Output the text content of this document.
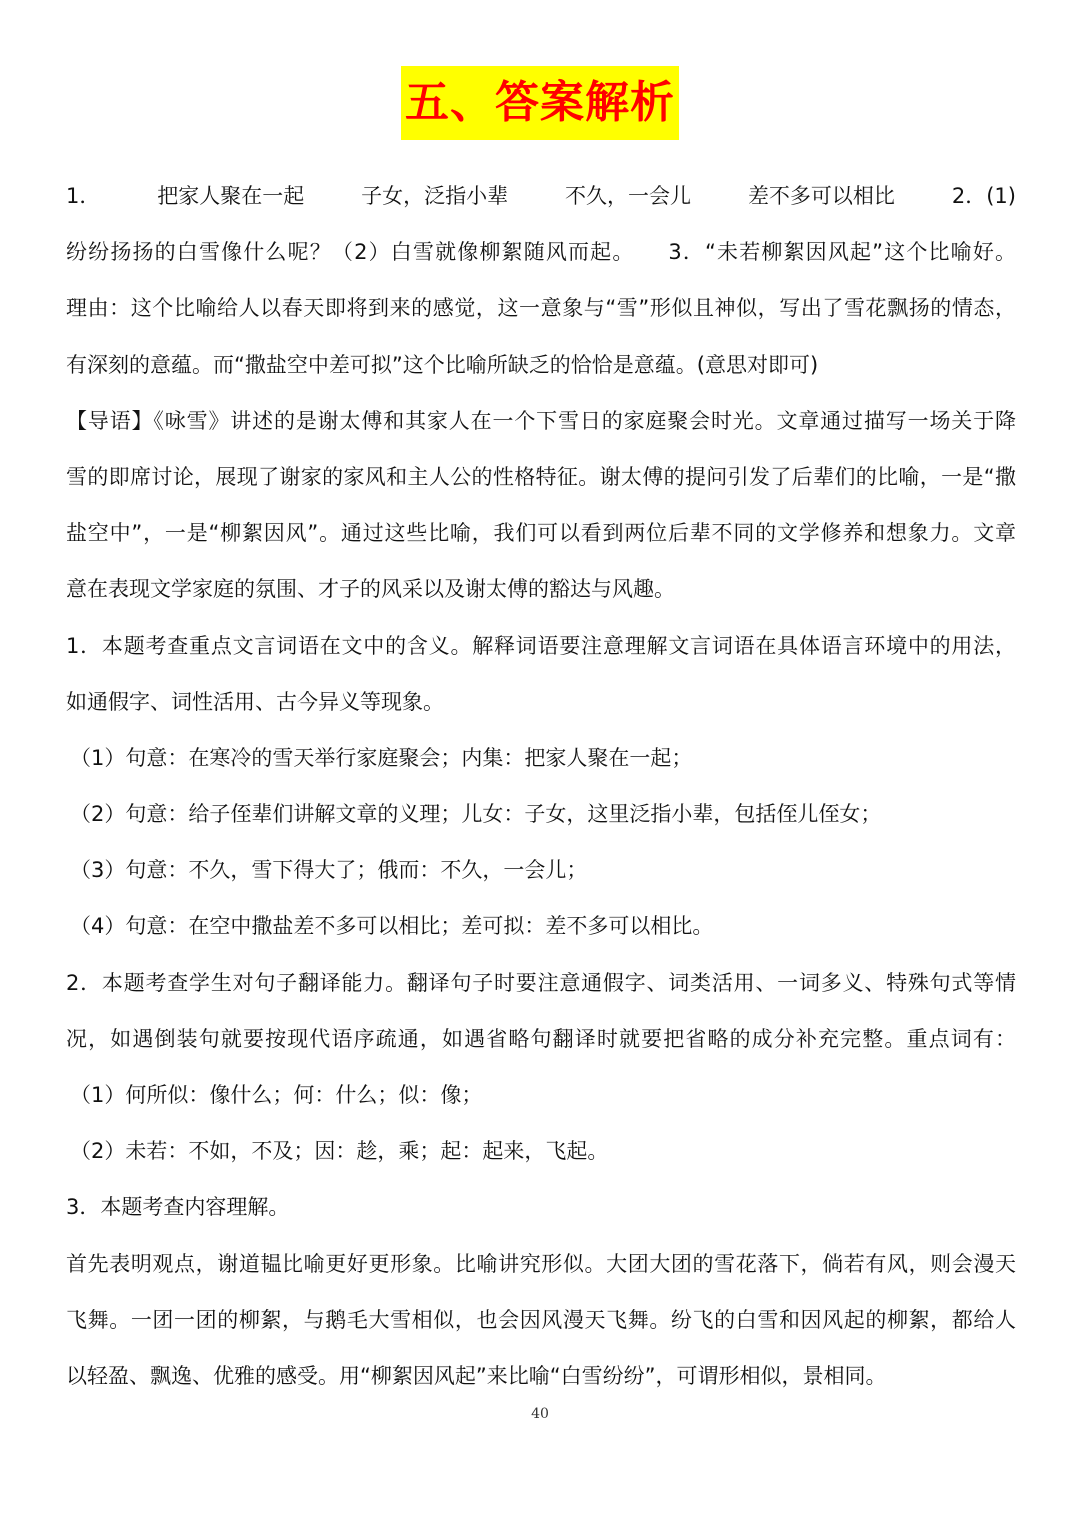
五、答案解析
1．	把家人聚在一起	子女，泛指小辈	不久，一会儿	差不多可以相比	2．(1)
纷纷扬扬的白雪像什么呢？（2）白雪就像柳絮随风而起。　　3．“未若柳絮因风起”这个比喻好。
理由：这个比喻给人以春天即将到来的感觉，这一意象与“雪”形似且神似，写出了雪花飘扬的情态，
有深刻的意蕴。而“撒盐空中差可拟”这个比喻所缺乏的恰恰是意蕴。(意思对即可)
【导语】《咏雪》讲述的是谢太傅和其家人在一个下雪日的家庭聚会时光。文章通过描写一场关于降
雪的即席讨论，展现了谢家的家风和主人公的性格特征。谢太傅的提问引发了后辈们的比喻，一是“撒
盐空中”，一是“柳絮因风”。通过这些比喻，我们可以看到两位后辈不同的文学修养和想象力。文章
意在表现文学家庭的氛围、才子的风采以及谢太傅的豁达与风趣。
1．本题考查重点文言词语在文中的含义。解释词语要注意理解文言词语在具体语言环境中的用法，
如通假字、词性活用、古今异义等现象。
（1）句意：在寒冷的雪天举行家庭聚会；内集：把家人聚在一起；
（2）句意：给子侄辈们讲解文章的义理；儿女：子女，这里泛指小辈，包括侄儿侄女；
（3）句意：不久，雪下得大了；俄而：不久，一会儿；
（4）句意：在空中撒盐差不多可以相比；差可拟：差不多可以相比。
2．本题考查学生对句子翻译能力。翻译句子时要注意通假字、词类活用、一词多义、特殊句式等情
况，如遇倒装句就要按现代语序疏通，如遇省略句翻译时就要把省略的成分补充完整。重点词有：
（1）何所似：像什么；何：什么；似：像；
（2）未若：不如，不及；因：趁，乘；起：起来，飞起。
3．本题考查内容理解。
首先表明观点，谢道韫比喻更好更形象。比喻讲究形似。大团大团的雪花落下，倘若有风，则会漫天
飞舞。一团一团的柳絮，与鹅毛大雪相似，也会因风漫天飞舞。纷飞的白雪和因风起的柳絮，都给人
以轻盈、飘逸、优雅的感受。用“柳絮因风起”来比喻“白雪纷纷”，可谓形相似，景相同。
40
